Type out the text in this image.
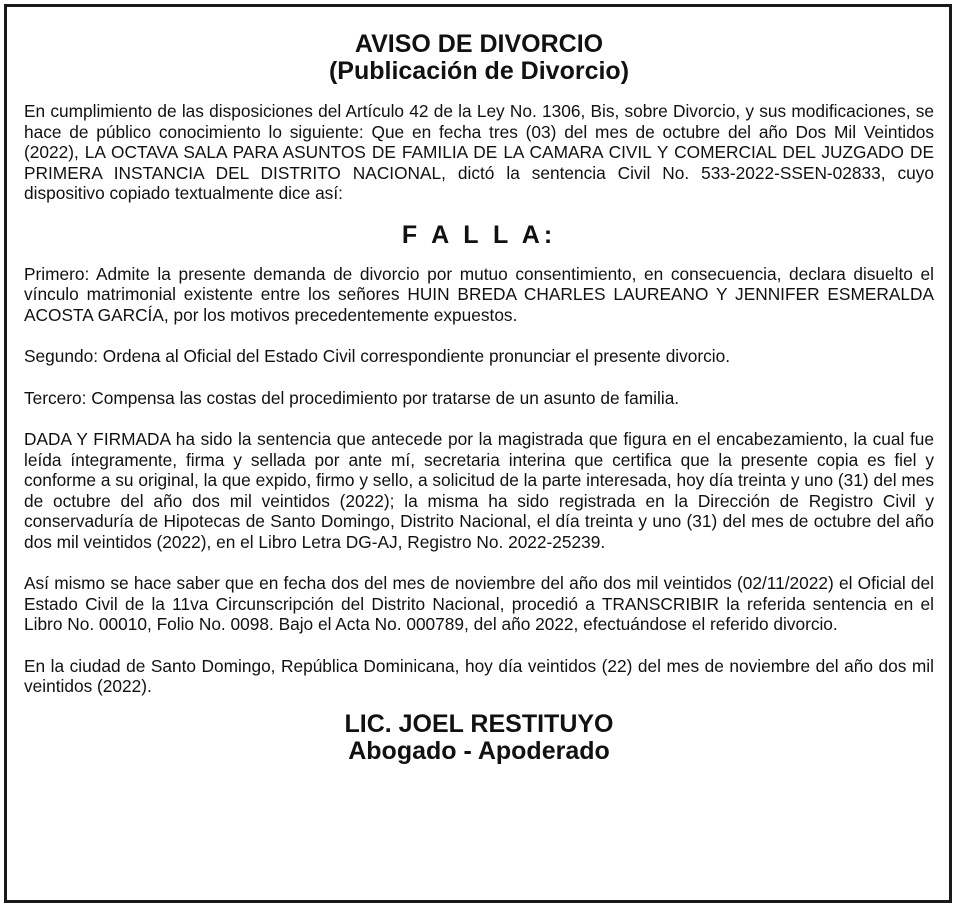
AVISO DE DIVORCIO

(Publicación de Divorcio)

En cumplimiento de las disposiciones del Artículo 42 de la Ley No. 1306, Bis, sobre Divorcio, y sus modificaciones, se hace de público conocimiento lo siguiente: Que en fecha tres (03) del mes de octubre del año Dos Mil Veintidos (2022), LA OCTAVA SALA PARA ASUNTOS DE FAMILIA DE LA CAMARA CIVIL Y COMERCIAL DEL JUZGADO DE PRIMERA INSTANCIA DEL DISTRITO NACIONAL, dictó la sentencia Civil No. 533-2022-SSEN-02833, cuyo dispositivo copiado textualmente dice así:

F A L L A:

Primero: Admite la presente demanda de divorcio por mutuo consentimiento, en consecuencia, declara disuelto el vínculo matrimonial existente entre los señores HUIN BREDA CHARLES LAUREANO Y JENNIFER ESMERALDA ACOSTA GARCÍA, por los motivos precedentemente expuestos.

Segundo: Ordena al Oficial del Estado Civil correspondiente pronunciar el presente divorcio.

Tercero: Compensa las costas del procedimiento por tratarse de un asunto de familia.

DADA Y FIRMADA ha sido la sentencia que antecede por la magistrada que figura en el encabezamiento, la cual fue leída íntegramente, firma y sellada por ante mí, secretaria interina que certifica que la presente copia es fiel y conforme a su original, la que expido, firmo y sello, a solicitud de la parte interesada, hoy día treinta y uno (31) del mes de octubre del año dos mil veintidos (2022); la misma ha sido registrada en la Dirección de Registro Civil y conservaduría de Hipotecas de Santo Domingo, Distrito Nacional, el día treinta y uno (31) del mes de octubre del año dos mil veintidos (2022), en el Libro Letra DG-AJ, Registro No. 2022-25239.

Así mismo se hace saber que en fecha dos del mes de noviembre del año dos mil veintidos (02/11/2022) el Oficial del Estado Civil de la 11va Circunscripción del Distrito Nacional, procedió a TRANSCRIBIR la referida sentencia en el Libro No. 00010, Folio No. 0098. Bajo el Acta No. 000789, del año 2022, efectuándose el referido divorcio.

En la ciudad de Santo Domingo, República Dominicana, hoy día veintidos (22) del mes de noviembre del año dos mil veintidos (2022).

LIC. JOEL RESTITUYO

Abogado - Apoderado
